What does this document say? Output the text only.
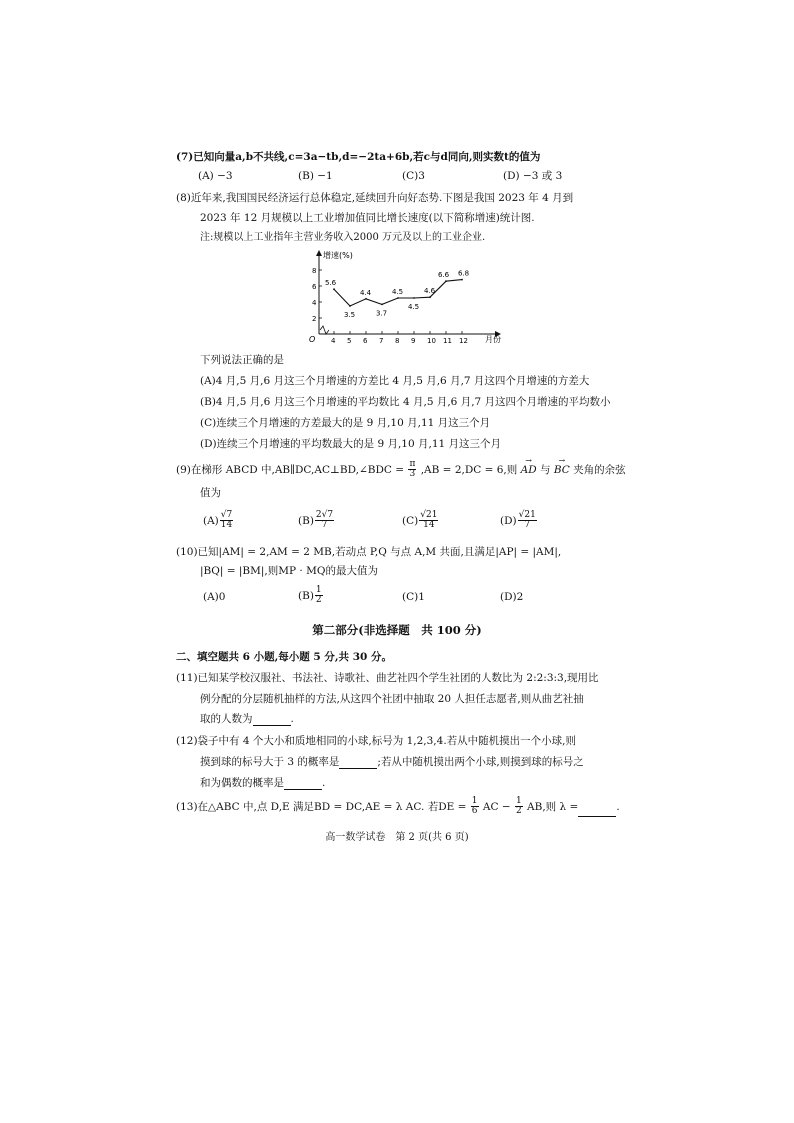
(7)已知向量a,b不共线,c=3a−tb,d=−2ta+6b,若c与d同向,则实数t的值为
(A) −3	(B) −1	(C)3	(D) −3 或 3
(8)近年来,我国国民经济运行总体稳定,延续回升向好态势.下图是我国 2023 年 4 月到
2023 年 12 月规模以上工业增加值同比增长速度(以下简称增速)统计图.
注:规模以上工业指年主营业务收入2000 万元及以上的工业企业.
2
4
6
8
4 5 6 7 8 9 10 11 12
5.6
3.5
4.4
3.7
4.5
4.5
4.6
6.6 6.8
增速(%)
月份
O
下列说法正确的是
(A)4 月,5 月,6 月这三个月增速的方差比 4 月,5 月,6 月,7 月这四个月增速的方差大
(B)4 月,5 月,6 月这三个月增速的平均数比 4 月,5 月,6 月,7 月这四个月增速的平均数小
(C)连续三个月增速的方差最大的是 9 月,10 月,11 月这三个月
(D)连续三个月增速的平均数最大的是 9 月,10 月,11 月这三个月
(9)在梯形 ABCD 中,AB∥DC,AC⊥BD,∠BDC = $\frac{\pi}{3} ,AB = 2,DC = 6$,则 → AD 与 → BC 夹角的余弦
值为
$(A) \frac{√7}{14}$	$(B) \frac{2√7}{7}$	$(C) \frac{√21}{14}$	$(D) \frac{√21}{7}$
(10)已知|AM| = 2,AM = 2 MB,若动点 P,Q 与点 A,M 共面,且满足|AP| = |AM|,
|BQ| = |BM|,则MP · MQ的最大值为
(A)0	$(B) \frac{1}{2}$	(C)1	(D)2
第二部分(非选择题　共 100 分)
二、填空题共 6 小题,每小题 5 分,共 30 分。
(11)已知某学校汉服社、书法社、诗歌社、曲艺社四个学生社团的人数比为 2:2:3:3,现用比
例分配的分层随机抽样的方法,从这四个社团中抽取 20 人担任志愿者,则从曲艺社抽
取的人数为	.
(12)袋子中有 4 个大小和质地相同的小球,标号为 1,2,3,4.若从中随机摸出一个小球,则
摸到球的标号大于 3 的概率是	;若从中随机摸出两个小球,则摸到球的标号之
和为偶数的概率是	.
(13)在△ABC 中,点 D,E 满足BD = DC,AE = λ AC. 若DE = $\frac{1}{6}$ AC − $\frac{1}{2}$ AB,则 λ =	.
高一数学试卷　第 2 页(共 6 页)
